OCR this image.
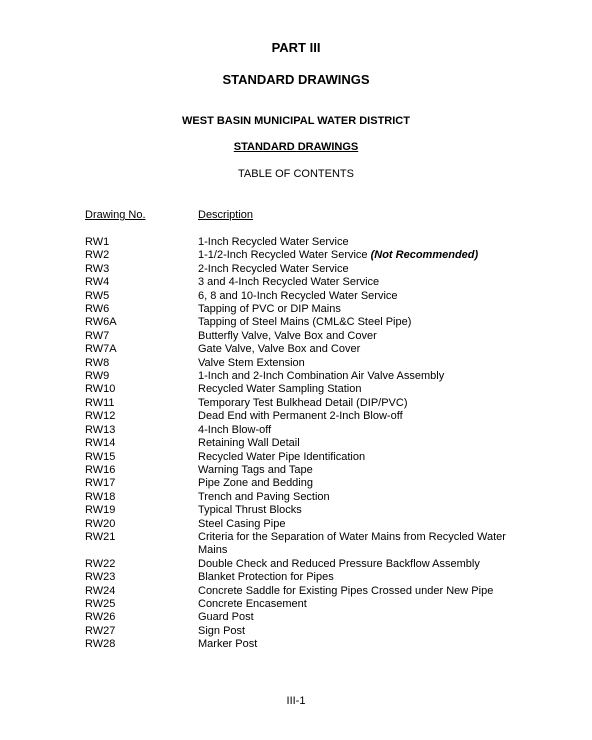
PART III
STANDARD DRAWINGS
WEST BASIN MUNICIPAL WATER DISTRICT
STANDARD DRAWINGS
TABLE OF CONTENTS
Drawing No.	Description
RW1	1-Inch Recycled Water Service
RW2	1-1/2-Inch Recycled Water Service (Not Recommended)
RW3	2-Inch Recycled Water Service
RW4	3 and 4-Inch Recycled Water Service
RW5	6, 8 and 10-Inch Recycled Water Service
RW6	Tapping of PVC or DIP Mains
RW6A	Tapping of Steel Mains (CML&C Steel Pipe)
RW7	Butterfly Valve, Valve Box and Cover
RW7A	Gate Valve, Valve Box and Cover
RW8	Valve Stem Extension
RW9	1-Inch and 2-Inch Combination Air Valve Assembly
RW10	Recycled Water Sampling Station
RW11	Temporary Test Bulkhead Detail (DIP/PVC)
RW12	Dead End with Permanent 2-Inch Blow-off
RW13	4-Inch Blow-off
RW14	Retaining Wall Detail
RW15	Recycled Water Pipe Identification
RW16	Warning Tags and Tape
RW17	Pipe Zone and Bedding
RW18	Trench and Paving Section
RW19	Typical Thrust Blocks
RW20	Steel Casing Pipe
RW21	Criteria for the Separation of Water Mains from Recycled Water Mains
RW22	Double Check and Reduced Pressure Backflow Assembly
RW23	Blanket Protection for Pipes
RW24	Concrete Saddle for Existing Pipes Crossed under New Pipe
RW25	Concrete Encasement
RW26	Guard Post
RW27	Sign Post
RW28	Marker Post
III-1
